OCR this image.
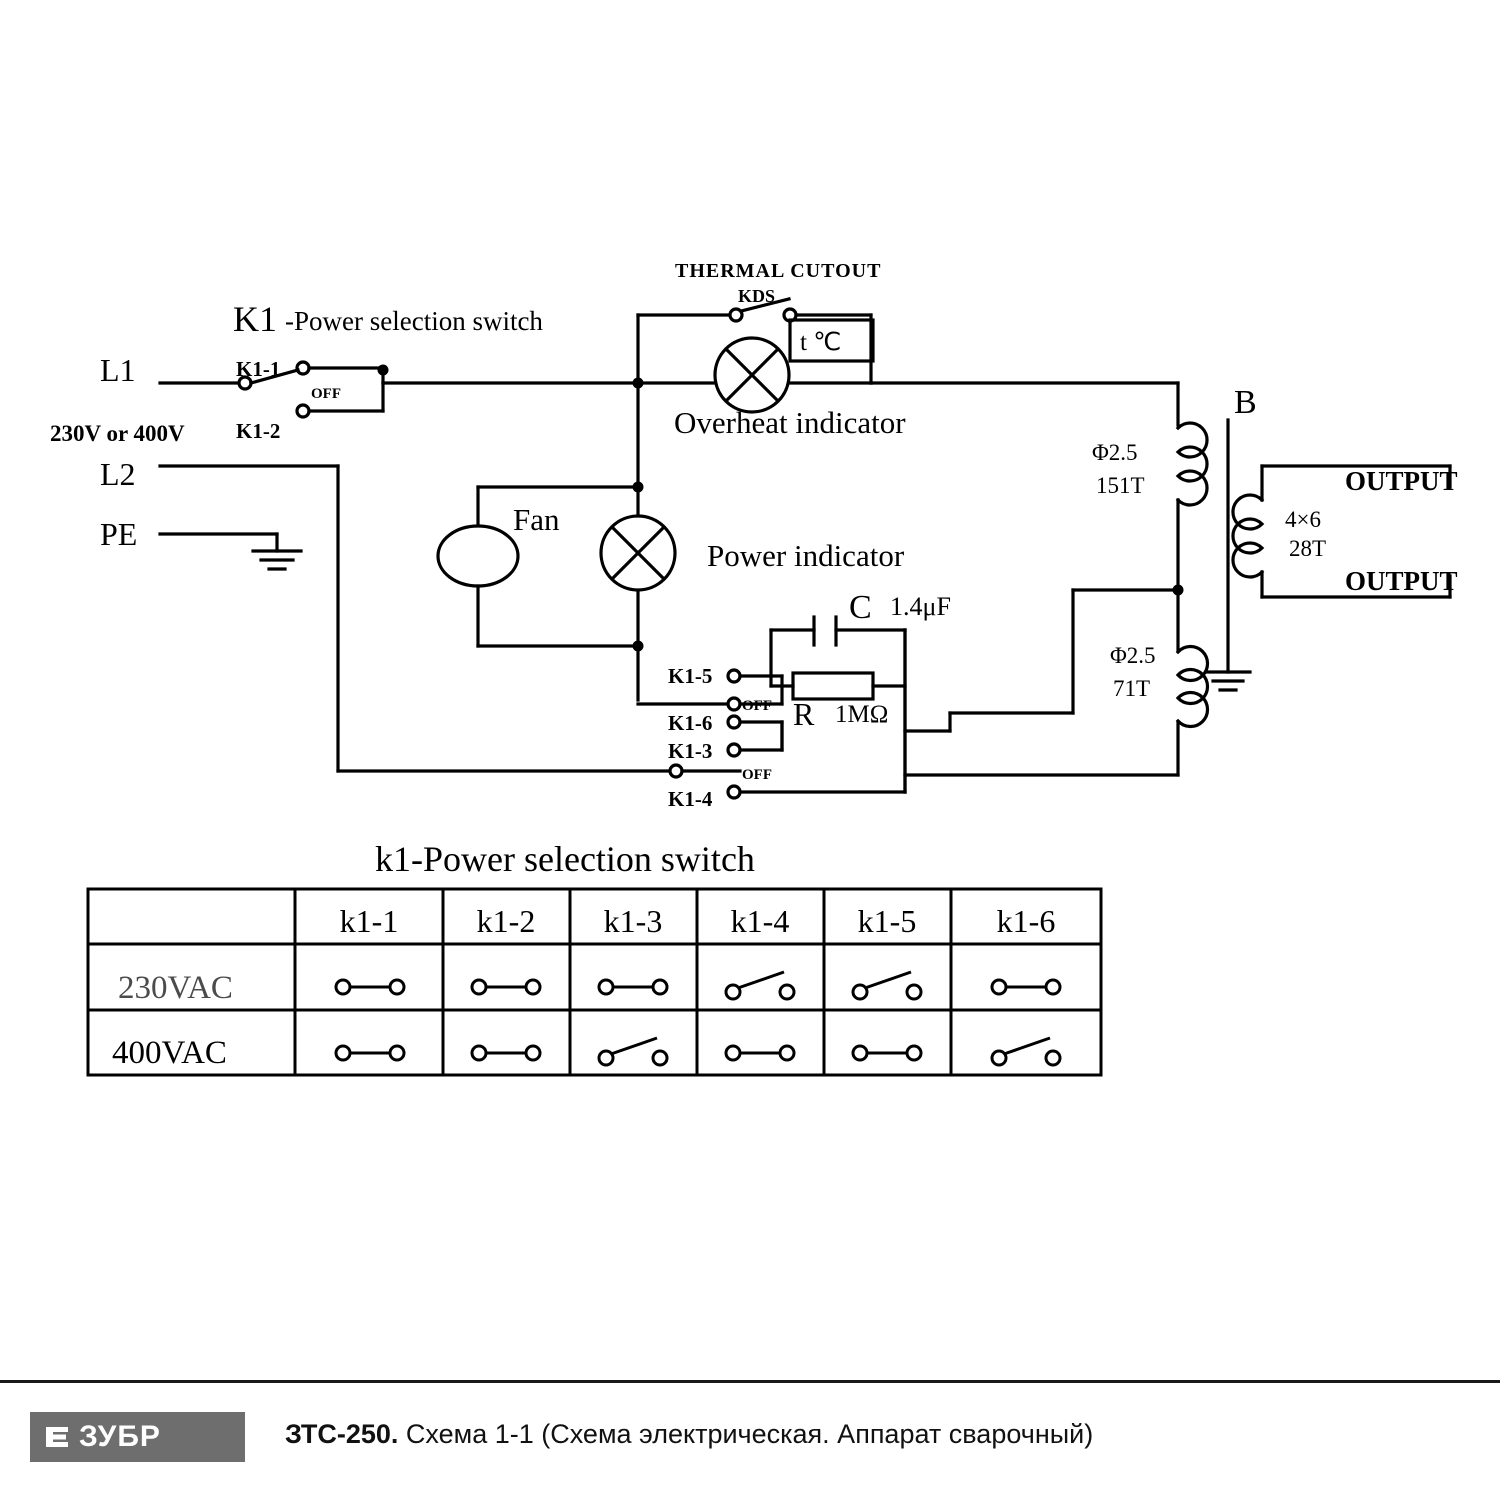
THERMAL CUTOUT
KDS
t ℃
Overheat indicator
Power indicator
Fan
K1 -Power selection switch
L1
230V or 400V
L2
PE
K1-1
K1-2
OFF
K1-5
K1-6
K1-3
K1-4
OFF
OFF
C 1.4μF
R 1MΩ
Φ2.5
151T
Φ2.5
71T
B
4×6
28T
OUTPUT
OUTPUT
k1-Power selection switch
k1-1 k1-2 k1-3 k1-4 k1-5	k1-6
230VAC
400VAC
ЗУБР	ЗТС-250. Схема 1-1 (Схема электрическая. Аппарат сварочный)
